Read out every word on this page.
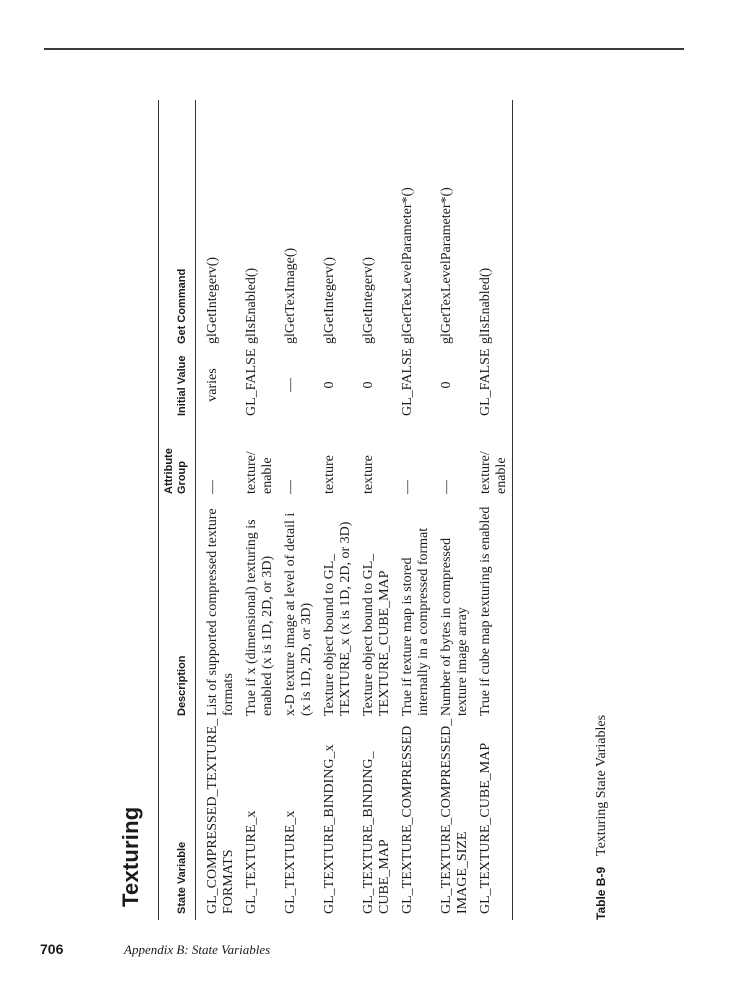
Texturing	State Variable	Description	Attribute Group	Initial Value	Get Command
GL_COMPRESSED_TEXTURE_ FORMATS	List of supported compressed texture formats	—	varies	glGetIntegerv()
GL_TEXTURE_x	True if x (dimensional) texturing is enabled (x is 1D, 2D, or 3D)	texture/ enable	GL_FALSE	glIsEnabled()
GL_TEXTURE_x	x-D texture image at level of detail i (x is 1D, 2D, or 3D)	—	—	glGetTexImage()
GL_TEXTURE_BINDING_x	Texture object bound to GL_ TEXTURE_x (x is 1D, 2D, or 3D)	texture	0	glGetIntegerv()
GL_TEXTURE_BINDING_ CUBE_MAP	Texture object bound to GL_ TEXTURE_CUBE_MAP	texture	0	glGetIntegerv()
GL_TEXTURE_COMPRESSED	True if texture map is stored internally in a compressed format	—	GL_FALSE	glGetTexLevelParameter*()
GL_TEXTURE_COMPRESSED_ IMAGE_SIZE	Number of bytes in compressed texture image array	—	0	glGetTexLevelParameter*()
GL_TEXTURE_CUBE_MAP	True if cube map texturing is enabled	texture/ enable	GL_FALSE	glIsEnabled()
Table B-9 Texturing State Variables
706	Appendix B: State Variables
